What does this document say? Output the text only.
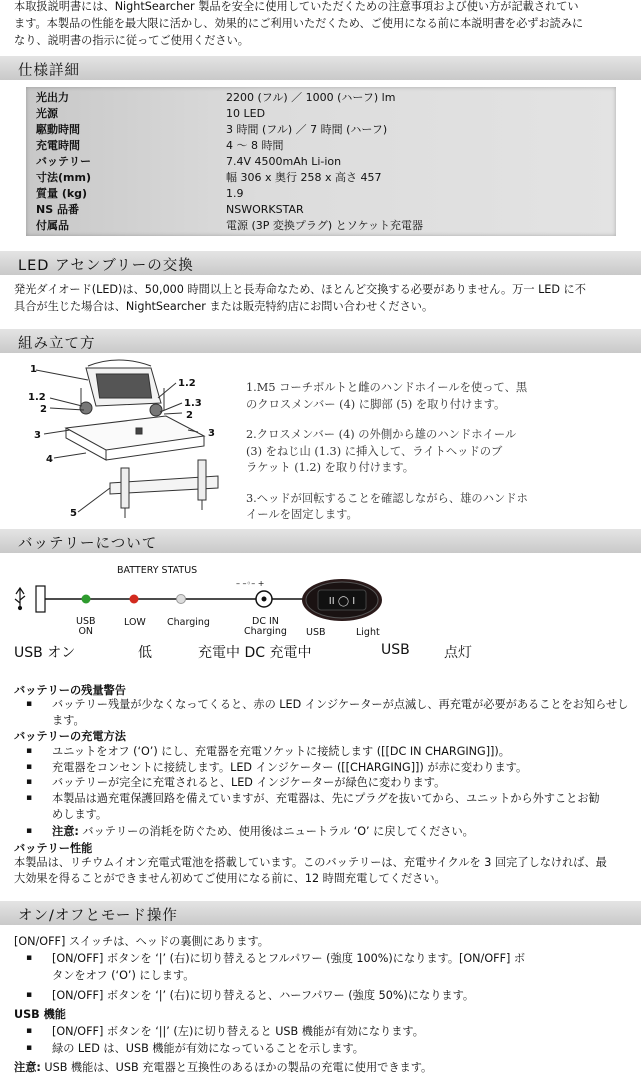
本取扱説明書には、NightSearcher 製品を安全に使用していただくための注意事項および使い方が記載されてい
ます。本製品の性能を最大限に活かし、効果的にご利用いただくため、ご使用になる前に本説明書を必ずお読みに
なり、説明書の指示に従ってご使用ください。
仕様詳細
光出力	2200 (フル) ／ 1000 (ハーフ) lm
光源	10 LED
駆動時間	3 時間 (フル) ／ 7 時間 (ハーフ)
充電時間	4 〜 8 時間
バッテリー	7.4V 4500mAh Li-ion
寸法(mm)	幅 306 x 奥行 258 x 高さ 457
質量 (kg)	1.9
NS 品番	NSWORKSTAR
付属品	電源 (3P 変換プラグ) とソケット充電器
LED アセンブリーの交換
発光ダイオード(LED)は、50,000 時間以上と長寿命なため、ほとんど交換する必要がありません。万一 LED に不
具合が生じた場合は、NightSearcher または販売特約店にお問い合わせください。
組み立て方
1
1.2
2
3
4
5
1.2
1.3
2
3
1.M5 コーチボルトと雌のハンドホイールを使って、黒
のクロスメンバー (4) に脚部 (5) を取り付けます。
2.クロスメンバー (4) の外側から雄のハンドホイール
(3) をねじ山 (1.3) に挿入して、ライトヘッドのブ
ラケット (1.2) を取り付けます。
3.ヘッドが回転することを確認しながら、雄のハンドホ
イールを固定します。
バッテリーについて
BATTERY STATUS
– –◦– +
II ◯ I
USB
ON
LOW Charging	DC IN
Charging USB	Light
USB オン	低	充電中 DC 充電中	USB 点灯
バッテリーの残量警告
▪ バッテリー残量が少なくなってくると、赤の LED インジケーターが点滅し、再充電が必要があることをお知らせし
ます。
バッテリーの充電方法
▪ ユニットをオフ (‘O’) にし、充電器を充電ソケットに接続します ([[DC IN CHARGING]])。
▪ 充電器をコンセントに接続します。LED インジケーター ([[CHARGING]]) が赤に変わります。
▪ バッテリーが完全に充電されると、LED インジケーターが緑色に変わります。
▪ 本製品は過充電保護回路を備えていますが、充電器は、先にプラグを抜いてから、ユニットから外すことお勧
めします。
▪ 注意: バッテリーの消耗を防ぐため、使用後はニュートラル ‘O’ に戻してください。
バッテリー性能
本製品は、リチウムイオン充電式電池を搭載しています。このバッテリーは、充電サイクルを 3 回完了しなければ、最
大効果を得ることができません初めてご使用になる前に、12 時間充電してください。
オン/オフとモード操作
[ON/OFF] スイッチは、ヘッドの裏側にあります。
▪ [ON/OFF] ボタンを ‘|’ (右)に切り替えるとフルパワー (強度 100%)になります。[ON/OFF] ボ
タンをオフ (‘O’) にします。
▪ [ON/OFF] ボタンを ‘|’ (右)に切り替えると、ハーフパワー (強度 50%)になります。
USB 機能
▪ [ON/OFF] ボタンを ‘||’ (左)に切り替えると USB 機能が有効になります。
▪ 緑の LED は、USB 機能が有効になっていることを示します。
注意: USB 機能は、USB 充電器と互換性のあるほかの製品の充電に使用できます。
